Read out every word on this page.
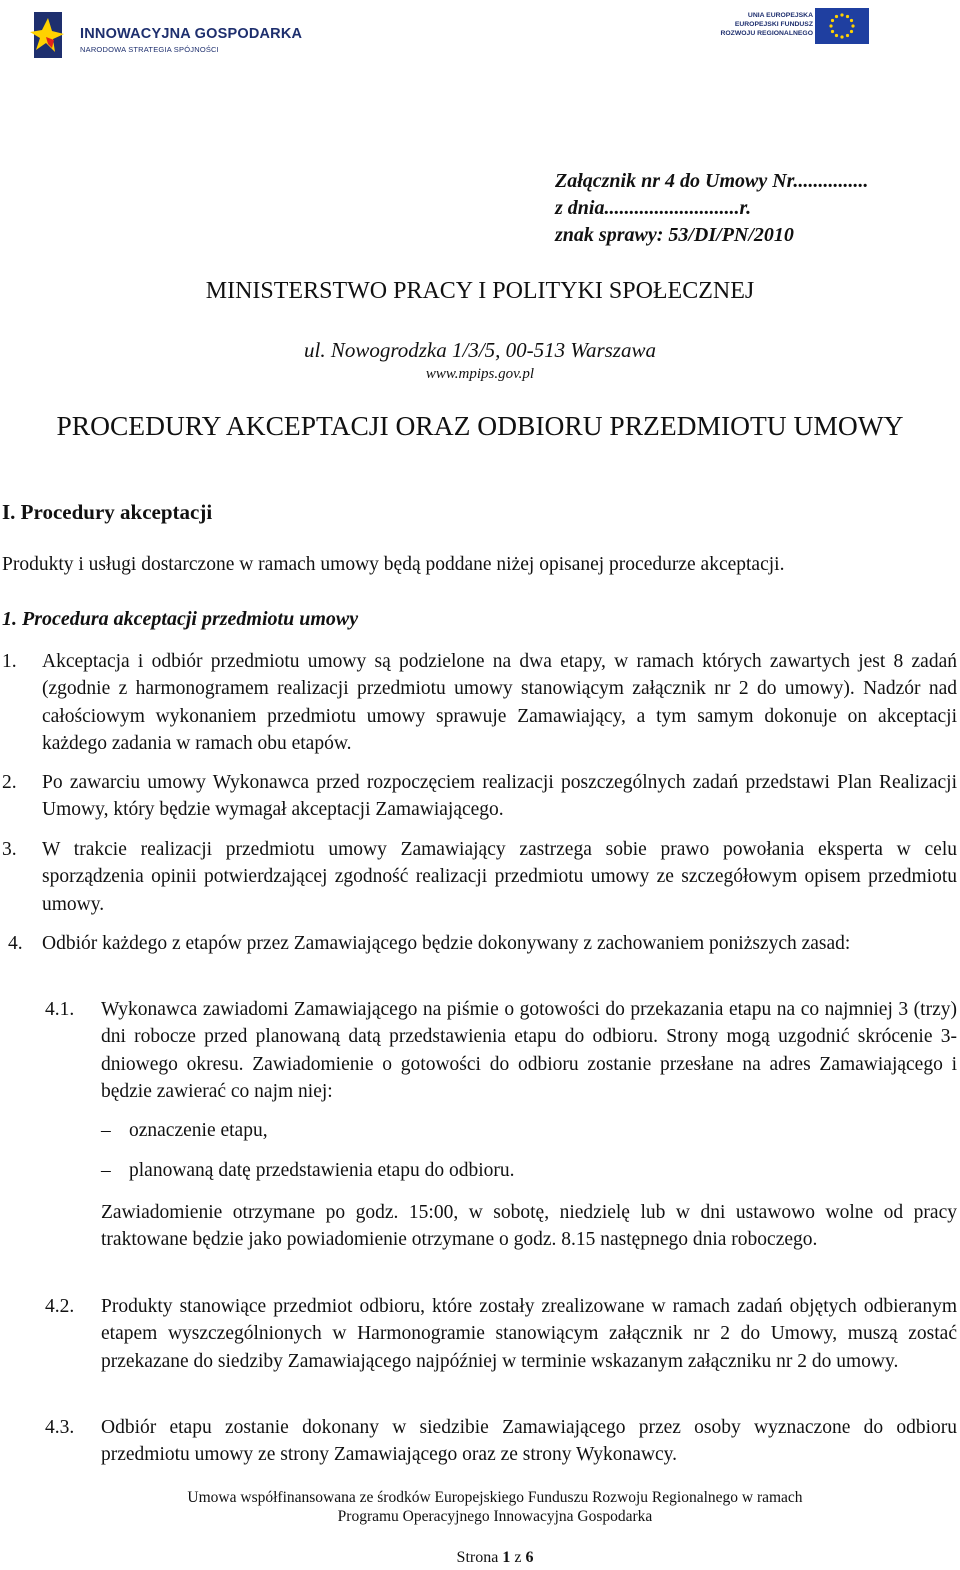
INNOWACYJNA GOSPODARKA
NARODOWA STRATEGIA SPÓJNOŚCI
UNIA EUROPEJSKA
EUROPEJSKI FUNDUSZ
ROZWOJU REGIONALNEGO
Załącznik nr 4 do Umowy Nr...............
z dnia...........................r.
znak sprawy: 53/DI/PN/2010
MINISTERSTWO PRACY I POLITYKI SPOŁECZNEJ
ul. Nowogrodzka 1/3/5, 00-513 Warszawa
www.mpips.gov.pl
PROCEDURY AKCEPTACJI ORAZ ODBIORU PRZEDMIOTU UMOWY
I. Procedury akceptacji
Produkty i usługi dostarczone w ramach umowy będą poddane niżej opisanej procedurze akceptacji.
1. Procedura akceptacji przedmiotu umowy
1. Akceptacja i odbiór przedmiotu umowy są podzielone na dwa etapy, w ramach których zawartych jest 8 zadań (zgodnie z harmonogramem realizacji przedmiotu umowy stanowiącym załącznik nr 2 do umowy). Nadzór nad całościowym wykonaniem przedmiotu umowy sprawuje Zamawiający, a tym samym dokonuje on akceptacji każdego zadania w ramach obu etapów.
2. Po zawarciu umowy Wykonawca przed rozpoczęciem realizacji poszczególnych zadań przedstawi Plan Realizacji Umowy, który będzie wymagał akceptacji Zamawiającego.
3. W trakcie realizacji przedmiotu umowy Zamawiający zastrzega sobie prawo powołania eksperta w celu sporządzenia opinii potwierdzającej zgodność realizacji przedmiotu umowy ze szczegółowym opisem przedmiotu umowy.
4. Odbiór każdego z etapów przez Zamawiającego będzie dokonywany z zachowaniem poniższych zasad:
4.1. Wykonawca zawiadomi Zamawiającego na piśmie o gotowości do przekazania etapu na co najmniej 3 (trzy) dni robocze przed planowaną datą przedstawienia etapu do odbioru. Strony mogą uzgodnić skrócenie 3-dniowego okresu. Zawiadomienie o gotowości do odbioru zostanie przesłane na adres Zamawiającego i będzie zawierać co najm niej:
– oznaczenie etapu,
– planowaną datę przedstawienia etapu do odbioru.
Zawiadomienie otrzymane po godz. 15:00, w sobotę, niedzielę lub w dni ustawowo wolne od pracy traktowane będzie jako powiadomienie otrzymane o godz. 8.15 następnego dnia roboczego.
4.2. Produkty stanowiące przedmiot odbioru, które zostały zrealizowane w ramach zadań objętych odbieranym etapem wyszczególnionych w Harmonogramie stanowiącym załącznik nr 2 do Umowy, muszą zostać przekazane do siedziby Zamawiającego najpóźniej w terminie wskazanym załączniku nr 2 do umowy.
4.3. Odbiór etapu zostanie dokonany w siedzibie Zamawiającego przez osoby wyznaczone do odbioru przedmiotu umowy ze strony Zamawiającego oraz ze strony Wykonawcy.
Umowa współfinansowana ze środków Europejskiego Funduszu Rozwoju Regionalnego w ramach
Programu Operacyjnego Innowacyjna Gospodarka
Strona 1 z 6
